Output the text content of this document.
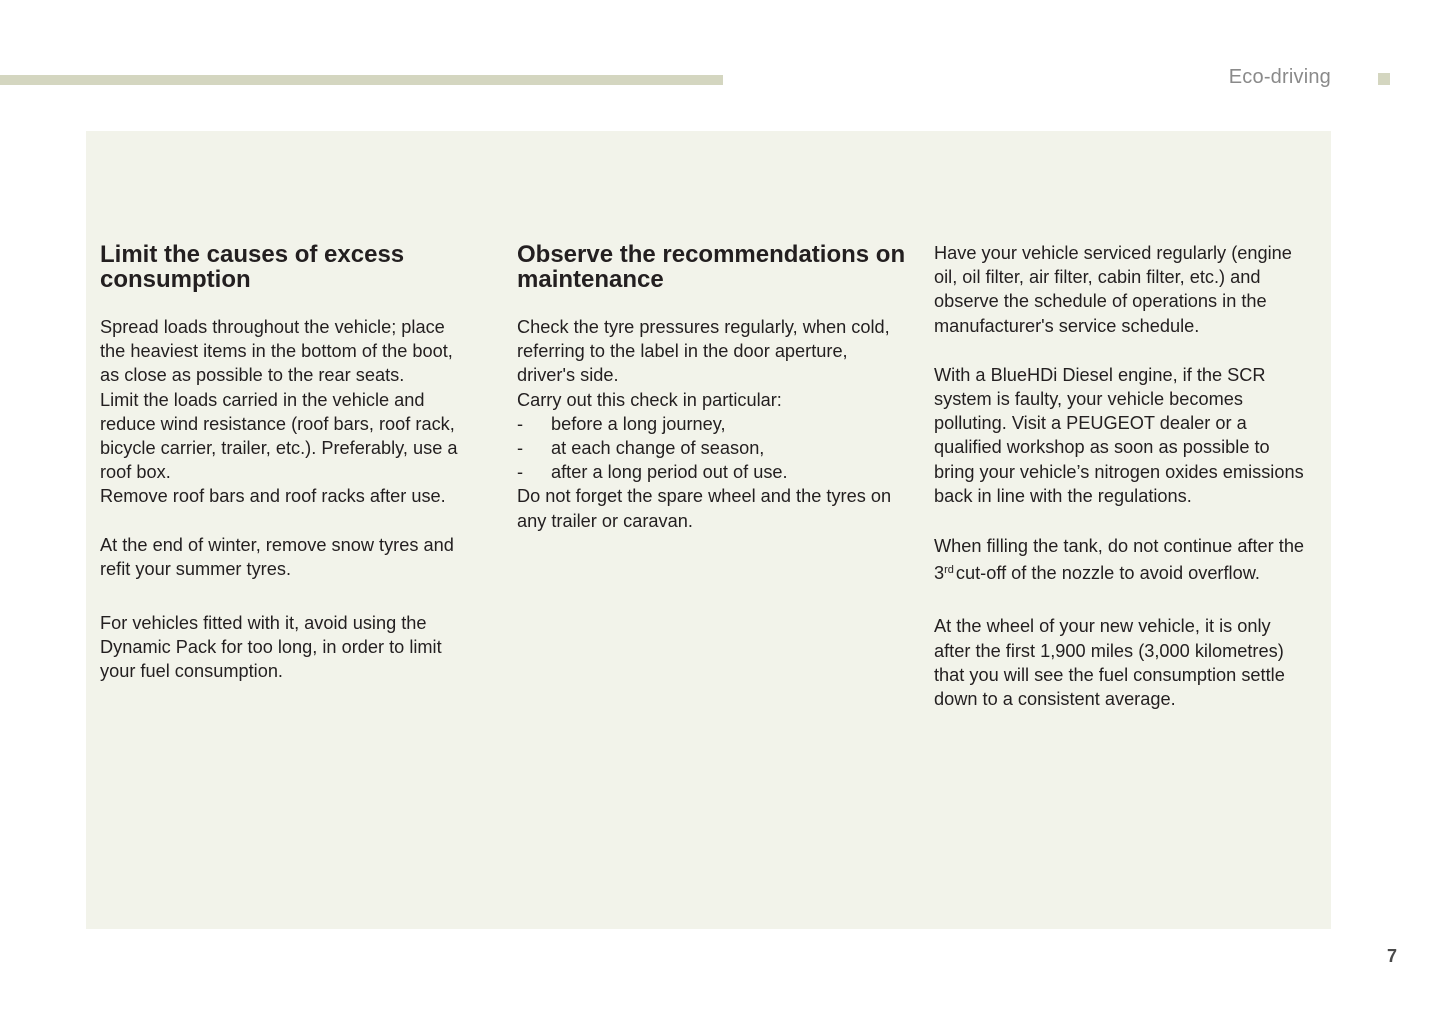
Eco-driving
Limit the causes of excess consumption
Spread loads throughout the vehicle; place
the heaviest items in the bottom of the boot,
as close as possible to the rear seats.
Limit the loads carried in the vehicle and
reduce wind resistance (roof bars, roof rack,
bicycle carrier, trailer, etc.). Preferably, use a
roof box.
Remove roof bars and roof racks after use.
At the end of winter, remove snow tyres and
refit your summer tyres.
For vehicles fitted with it, avoid using the
Dynamic Pack for too long, in order to limit
your fuel consumption.
Observe the recommendations on maintenance
Check the tyre pressures regularly, when cold,
referring to the label in the door aperture,
driver's side.
Carry out this check in particular:
-	before a long journey,
-	at each change of season,
-	after a long period out of use.
Do not forget the spare wheel and the tyres on
any trailer or caravan.
Have your vehicle serviced regularly (engine
oil, oil filter, air filter, cabin filter, etc.) and
observe the schedule of operations in the
manufacturer's service schedule.
With a BlueHDi Diesel engine, if the SCR
system is faulty, your vehicle becomes
polluting. Visit a PEUGEOT dealer or a
qualified workshop as soon as possible to
bring your vehicle’s nitrogen oxides emissions
back in line with the regulations.
When filling the tank, do not continue after the
3rd cut-off of the nozzle to avoid overflow.
At the wheel of your new vehicle, it is only
after the first 1,900 miles (3,000 kilometres)
that you will see the fuel consumption settle
down to a consistent average.
7
